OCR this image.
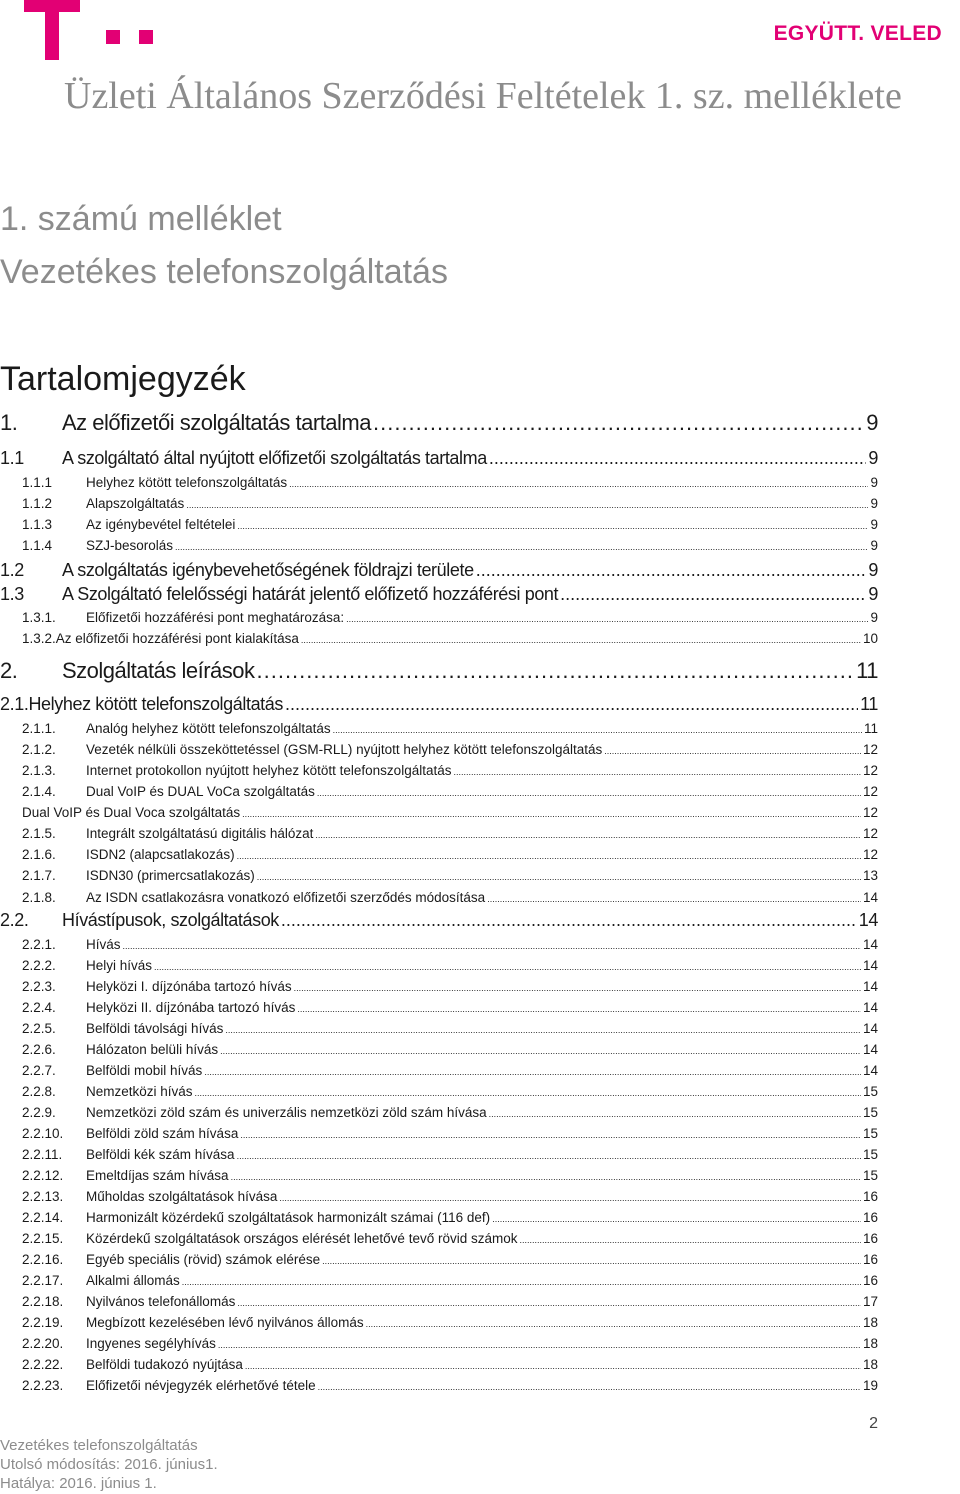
EGYÜTT. VELED
Üzleti Általános Szerződési Feltételek 1. sz. melléklete
1. számú melléklet
Vezetékes telefonszolgáltatás
Tartalomjegyzék
1.	Az előfizetői szolgáltatás tartalma .....	9
1.1	A szolgáltató által nyújtott előfizetői szolgáltatás tartalma .....	9
1.1.1	Helyhez kötött telefonszolgáltatás .....	9
1.1.2	Alapszolgáltatás .....	9
1.1.3	Az igénybevétel feltételei .....	9
1.1.4	SZJ-besorolás .....	9
1.2	A szolgáltatás igénybevehetőségének földrajzi területe .....	9
1.3	A Szolgáltató felelősségi határát jelentő előfizető hozzáférési pont .....	9
1.3.1.	Előfizetői hozzáférési pont meghatározása: .....	9
1.3.2. Az előfizetői hozzáférési pont kialakítása .....	10
2.	Szolgáltatás leírások .....	11
2.1. Helyhez kötött telefonszolgáltatás .....	11
2.1.1.	Analóg helyhez kötött telefonszolgáltatás .....	11
2.1.2.	Vezeték nélküli összeköttetéssel (GSM-RLL) nyújtott helyhez kötött telefonszolgáltatás .....	12
2.1.3.	Internet protokollon nyújtott helyhez kötött telefonszolgáltatás .....	12
2.1.4.	Dual VoIP és DUAL VoCa szolgáltatás .....	12
Dual VoIP és Dual Voca szolgáltatás .....	12
2.1.5.	Integrált szolgáltatású digitális hálózat .....	12
2.1.6.	ISDN2 (alapcsatlakozás) .....	12
2.1.7.	ISDN30 (primercsatlakozás) .....	13
2.1.8.	Az ISDN csatlakozásra vonatkozó előfizetői szerződés módosítása .....	14
2.2.	Hívástípusok, szolgáltatások .....	14
2.2.1.	Hívás .....	14
2.2.2.	Helyi hívás .....	14
2.2.3.	Helyközi I. díjzónába tartozó hívás .....	14
2.2.4.	Helyközi II. díjzónába tartozó hívás .....	14
2.2.5.	Belföldi távolsági hívás .....	14
2.2.6.	Hálózaton belüli hívás .....	14
2.2.7.	Belföldi mobil hívás .....	14
2.2.8.	Nemzetközi hívás .....	15
2.2.9.	Nemzetközi zöld szám és univerzális nemzetközi zöld szám hívása .....	15
2.2.10.	Belföldi zöld szám hívása .....	15
2.2.11.	Belföldi kék szám hívása .....	15
2.2.12.	Emeltdíjas szám hívása .....	15
2.2.13.	Műholdas szolgáltatások hívása .....	16
2.2.14.	Harmonizált közérdekű szolgáltatások harmonizált számai (116 def) .....	16
2.2.15.	Közérdekű szolgáltatások országos elérését lehetővé tevő rövid számok .....	16
2.2.16.	Egyéb speciális (rövid) számok elérése .....	16
2.2.17.	Alkalmi állomás .....	16
2.2.18.	Nyilvános telefonállomás .....	17
2.2.19.	Megbízott kezelésében lévő nyilvános állomás .....	18
2.2.20.	Ingyenes segélyhívás .....	18
2.2.22.	Belföldi tudakozó nyújtása .....	18
2.2.23.	Előfizetői névjegyzék elérhetővé tétele .....	19
Vezetékes telefonszolgáltatás
Utolsó módosítás: 2016. június1.
Hatálya: 2016. június 1.
2
